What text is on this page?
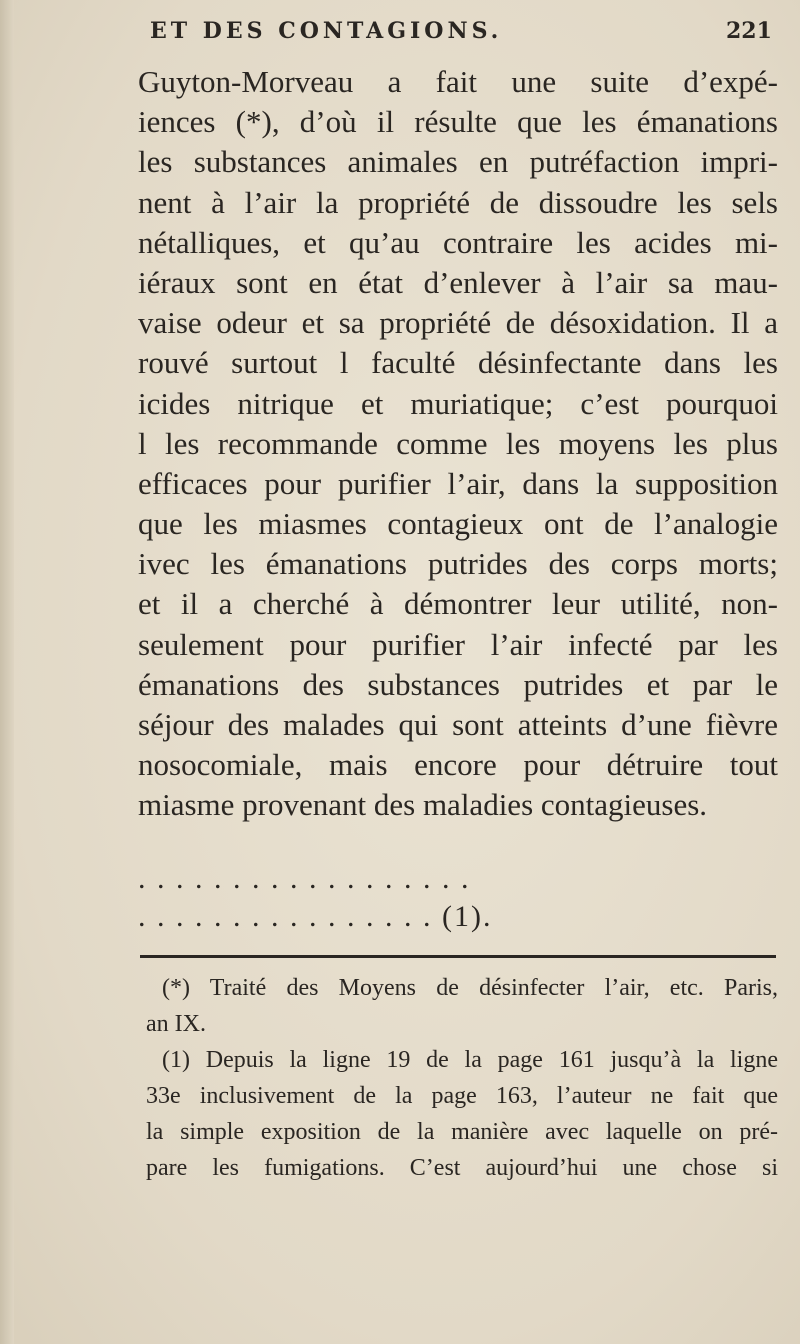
ET DES CONTAGIONS.	221
Guyton-Morveau a fait une suite d’expé-
iences (*), d’où il résulte que les émanations
les substances animales en putréfaction impri-
nent à l’air la propriété de dissoudre les sels
nétalliques, et qu’au contraire les acides mi-
iéraux sont en état d’enlever à l’air sa mau-
vaise odeur et sa propriété de désoxidation. Il a
rouvé surtout l faculté désinfectante dans les
icides nitrique et muriatique; c’est pourquoi
l les recommande comme les moyens les plus
efficaces pour purifier l’air, dans la supposition
que les miasmes contagieux ont de l’analogie
ivec les émanations putrides des corps morts;
et il a cherché à démontrer leur utilité, non-
seulement pour purifier l’air infecté par les
émanations des substances putrides et par le
séjour des malades qui sont atteints d’une fièvre
nosocomiale, mais encore pour détruire tout
miasme provenant des maladies contagieuses.
. . . . . . . . . . . . . . . . . .
. . . . . . . . . . . . . . . . (1).
(*) Traité des Moyens de désinfecter l’air, etc. Paris,
an IX.
(1) Depuis la ligne 19 de la page 161 jusqu’à la ligne
33e inclusivement de la page 163, l’auteur ne fait que
la simple exposition de la manière avec laquelle on pré-
pare les fumigations. C’est aujourd’hui une chose si
